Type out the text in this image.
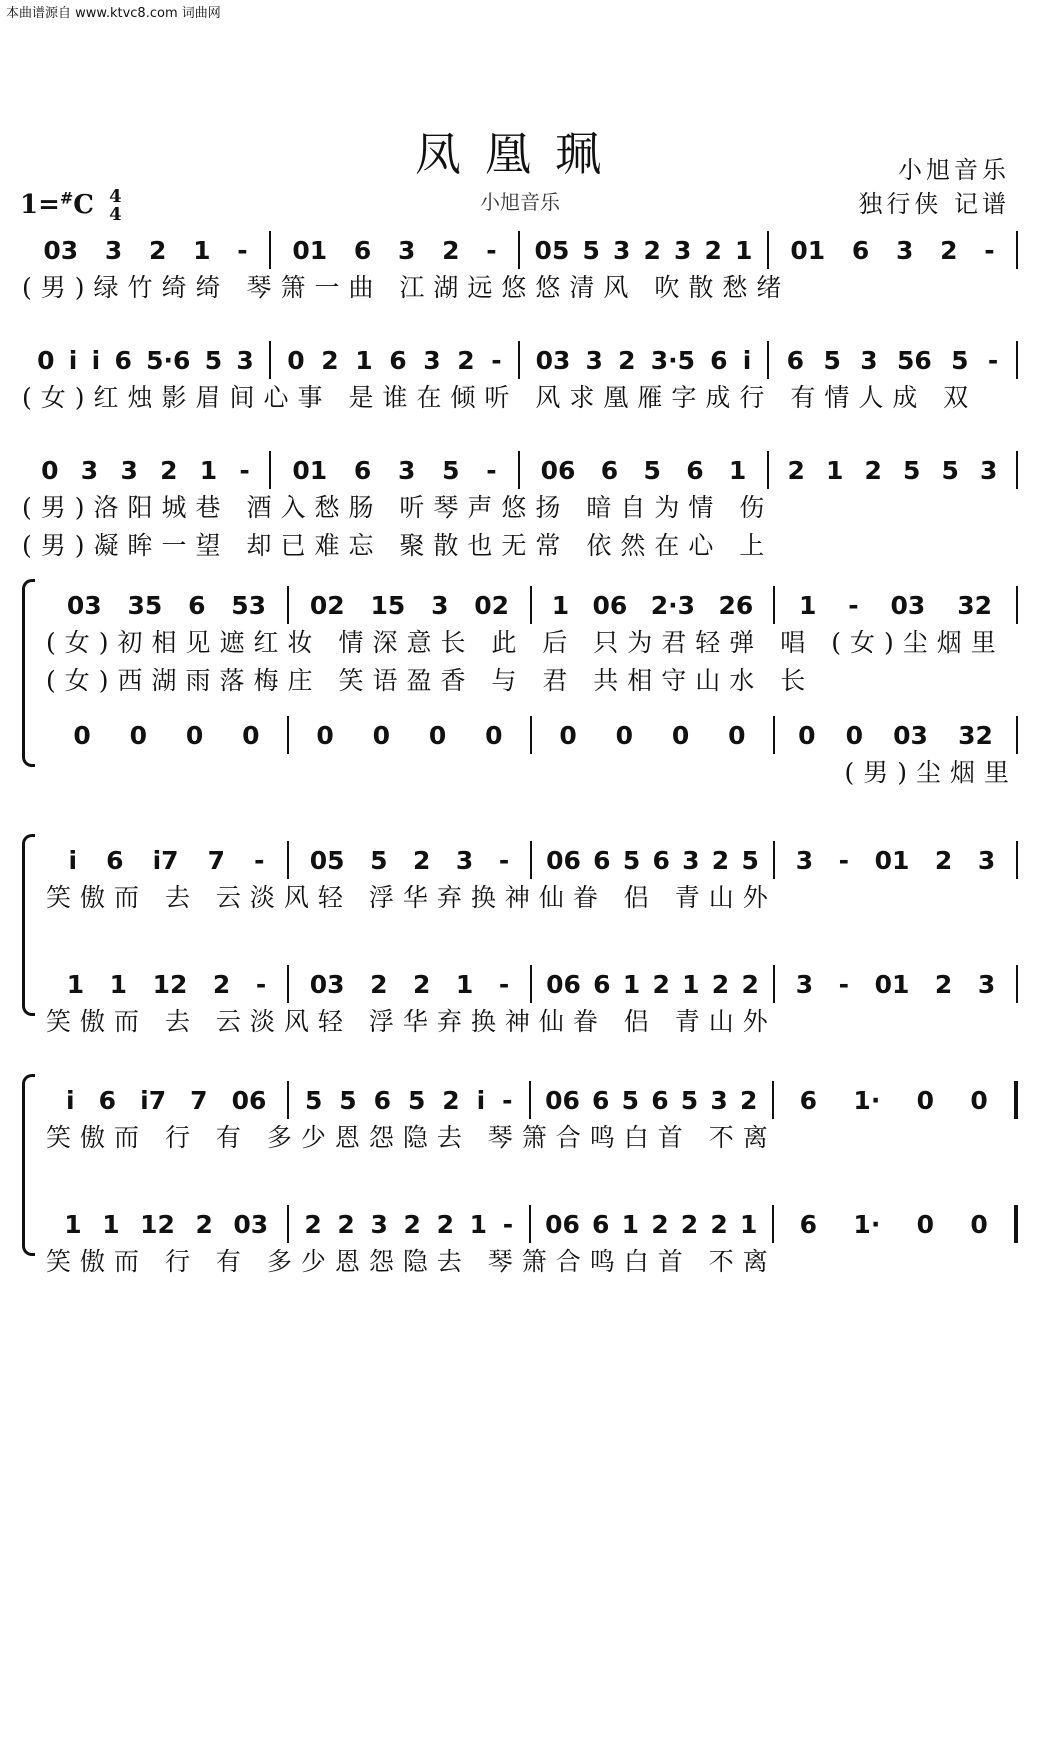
本曲谱源自 www.ktvc8.com 词曲网
凤凰珮
小旭音乐
1=#C 4
4
小旭音乐
独行侠 记谱
03 3 2 1 - 01 6 3 2 - 05 5 3 2 3 2 1 01 6 3 2 -
(男)绿竹绮绮 琴箫一曲 江湖远悠悠清风 吹散愁绪
0 i i 6 5·6 5 3 0 2 1 6 3 2 - 03 3 2 3·5 6 i 6 5 3 56 5 -
(女)红烛影眉间心事 是谁在倾听 风求凰雁字成行 有情人成 双
0 3 3 2 1 - 01 6 3 5 - 06 6 5 6 1 2 1 2 5 5 3
(男)洛阳城巷 酒入愁肠 听琴声悠扬 暗自为情 伤
(男)凝眸一望 却已难忘 聚散也无常 依然在心 上
03 35 6 53 02 15 3 02 1 06 2·3 26 1 - 03 32
(女)初相见遮红妆 情深意长 此 后 只为君轻弹 唱 (女)尘烟里
(女)西湖雨落梅庄 笑语盈香 与 君 共相守山水 长
0 0 0 0 0 0 0 0 0 0 0 0 0 0 03 32
(男)尘烟里
i 6 i7 7 - 05 5 2 3 - 06 6 5 6 3 2 5 3 - 01 2 3
笑傲而 去 云淡风轻 浮华弃换神仙眷 侣 青山外
1 1 12 2 - 03 2 2 1 - 06 6 1 2 1 2 2 3 - 01 2 3
笑傲而 去 云淡风轻 浮华弃换神仙眷 侣 青山外
i 6 i7 7 06 5 5 6 5 2 i - 06 6 5 6 5 3 2 6 1· 0 0
笑傲而 行 有 多少恩怨隐去 琴箫合鸣白首 不离
1 1 12 2 03 2 2 3 2 2 1 - 06 6 1 2 2 2 1 6 1· 0 0
笑傲而 行 有 多少恩怨隐去 琴箫合鸣白首 不离
